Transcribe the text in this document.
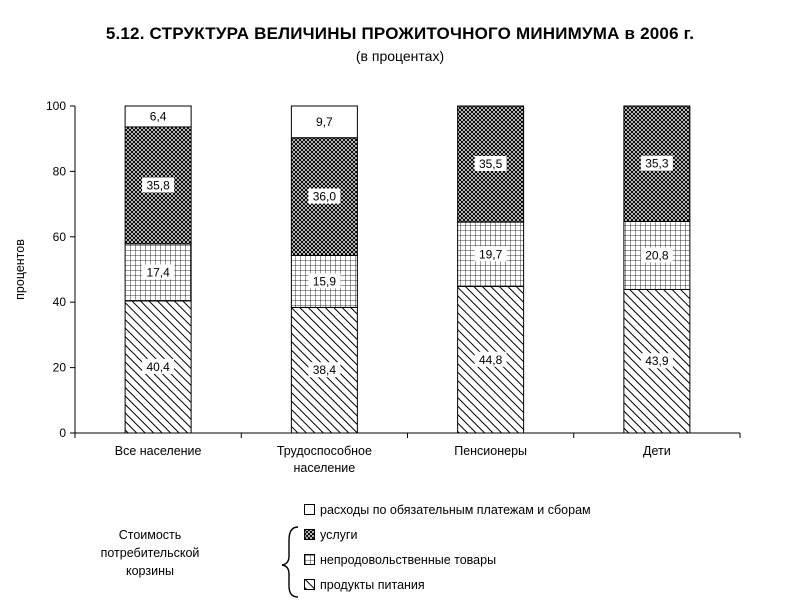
5.12. СТРУКТУРА ВЕЛИЧИНЫ ПРОЖИТОЧНОГО МИНИМУМА в 2006 г.
(в процентах)
0
20
40
60
80
100
процентов
Все население	Трудоспособное
население
Пенсионеры	Дети
40,4
17,4
35,8
6,4
38,4
15,9
36,0
9,7
44,8
19,7
35,5
43,9
20,8
35,3
Стоимость
потребительской
корзины
расходы по обязательным платежам и сборам
услуги
непродовольственные товары
продукты питания
